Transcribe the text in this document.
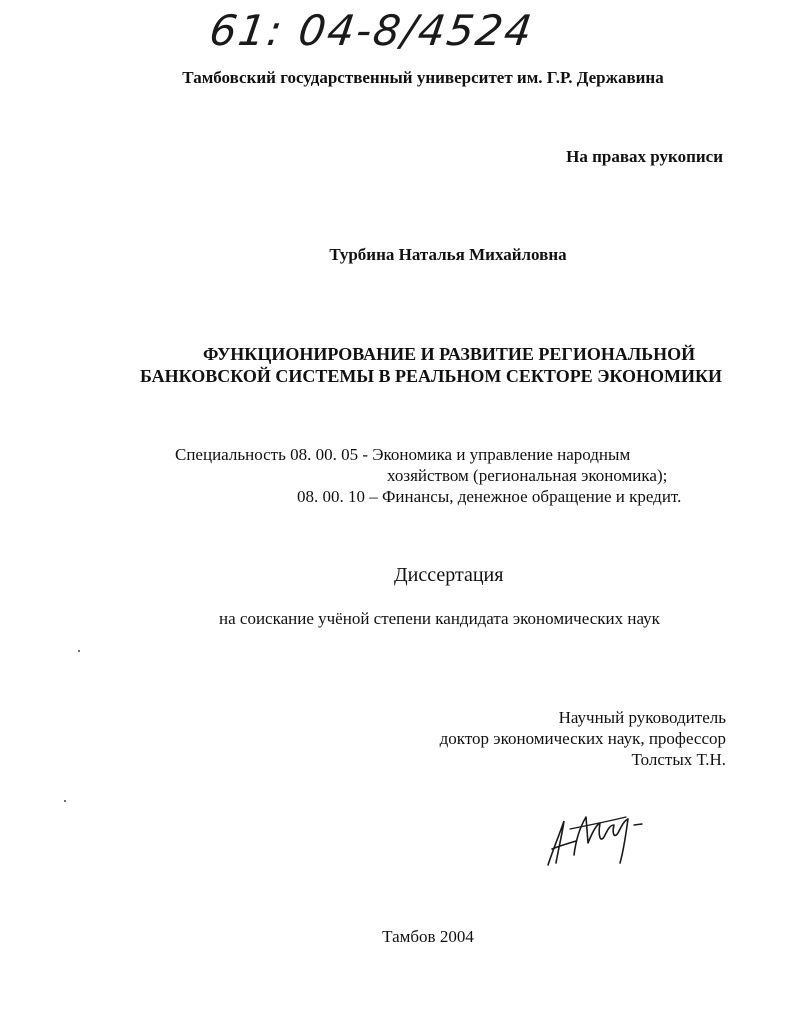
61: 04-8/4524
Тамбовский государственный университет им. Г.Р. Державина
На правах рукописи
Турбина Наталья Михайловна
ФУНКЦИОНИРОВАНИЕ И РАЗВИТИЕ РЕГИОНАЛЬНОЙ
БАНКОВСКОЙ СИСТЕМЫ В РЕАЛЬНОМ СЕКТОРЕ ЭКОНОМИКИ
Специальность 08. 00. 05 - Экономика и управление народным
хозяйством (региональная экономика);
08. 00. 10 – Финансы, денежное обращение и кредит.
Диссертация
на соискание учёной степени кандидата экономических наук
Научный руководитель
доктор экономических наук, профессор
Толстых Т.Н.
Тамбов 2004
